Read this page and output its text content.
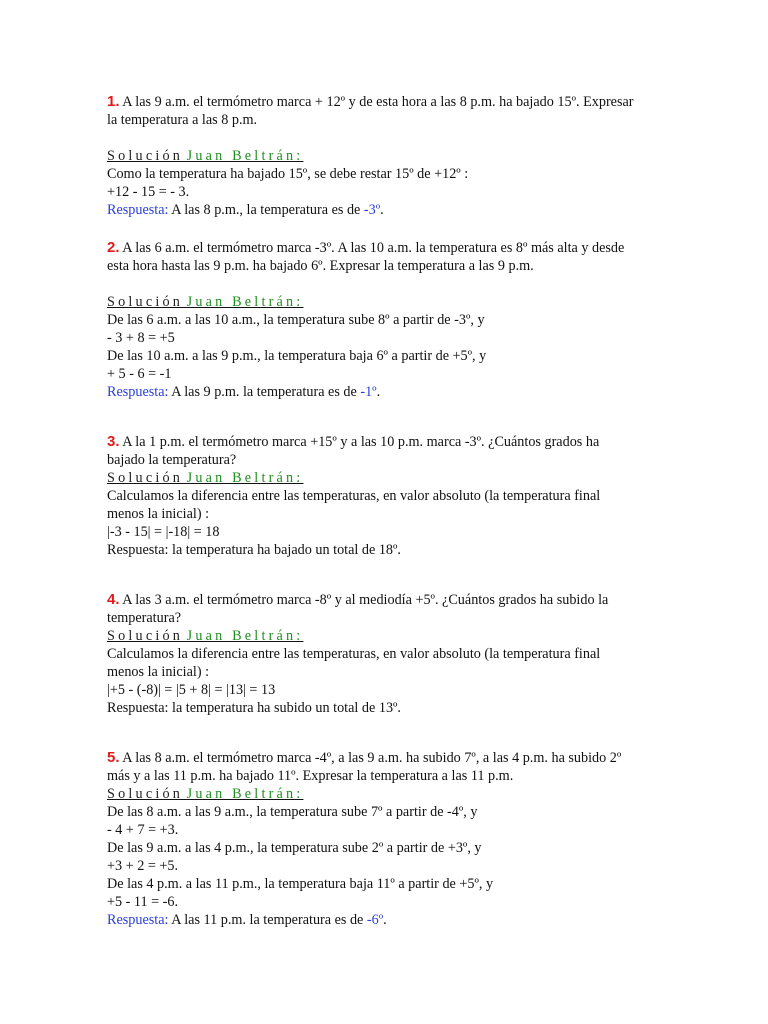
1. A las 9 a.m. el termómetro marca + 12º y de esta hora a las 8 p.m. ha bajado 15º. Expresar
la temperatura a las 8 p.m.
Solución Juan Beltrán:
Como la temperatura ha bajado 15º, se debe restar 15º de +12º :
+12 - 15 = - 3.
Respuesta: A las 8 p.m., la temperatura es de -3º.
2. A las 6 a.m. el termómetro marca -3º. A las 10 a.m. la temperatura es 8º más alta y desde
esta hora hasta las 9 p.m. ha bajado 6º. Expresar la temperatura a las 9 p.m.
Solución Juan Beltrán:
De las 6 a.m. a las 10 a.m., la temperatura sube 8º a partir de -3º, y
- 3 + 8 = +5
De las 10 a.m. a las 9 p.m., la temperatura baja 6º a partir de +5º, y
+ 5 - 6 = -1
Respuesta: A las 9 p.m. la temperatura es de -1º.
3. A la 1 p.m. el termómetro marca +15º y a las 10 p.m. marca -3º. ¿Cuántos grados ha
bajado la temperatura?
Solución Juan Beltrán:
Calculamos la diferencia entre las temperaturas, en valor absoluto (la temperatura final
menos la inicial) :
|-3 - 15| = |-18| = 18
Respuesta: la temperatura ha bajado un total de 18º.
4. A las 3 a.m. el termómetro marca -8º y al mediodía +5º. ¿Cuántos grados ha subido la
temperatura?
Solución Juan Beltrán:
Calculamos la diferencia entre las temperaturas, en valor absoluto (la temperatura final
menos la inicial) :
|+5 - (-8)| = |5 + 8| = |13| = 13
Respuesta: la temperatura ha subido un total de 13º.
5. A las 8 a.m. el termómetro marca -4º, a las 9 a.m. ha subido 7º, a las 4 p.m. ha subido 2º
más y a las 11 p.m. ha bajado 11º. Expresar la temperatura a las 11 p.m.
Solución Juan Beltrán:
De las 8 a.m. a las 9 a.m., la temperatura sube 7º a partir de -4º, y
- 4 + 7 = +3.
De las 9 a.m. a las 4 p.m., la temperatura sube 2º a partir de +3º, y
+3 + 2 = +5.
De las 4 p.m. a las 11 p.m., la temperatura baja 11º a partir de +5º, y
+5 - 11 = -6.
Respuesta: A las 11 p.m. la temperatura es de -6º.
